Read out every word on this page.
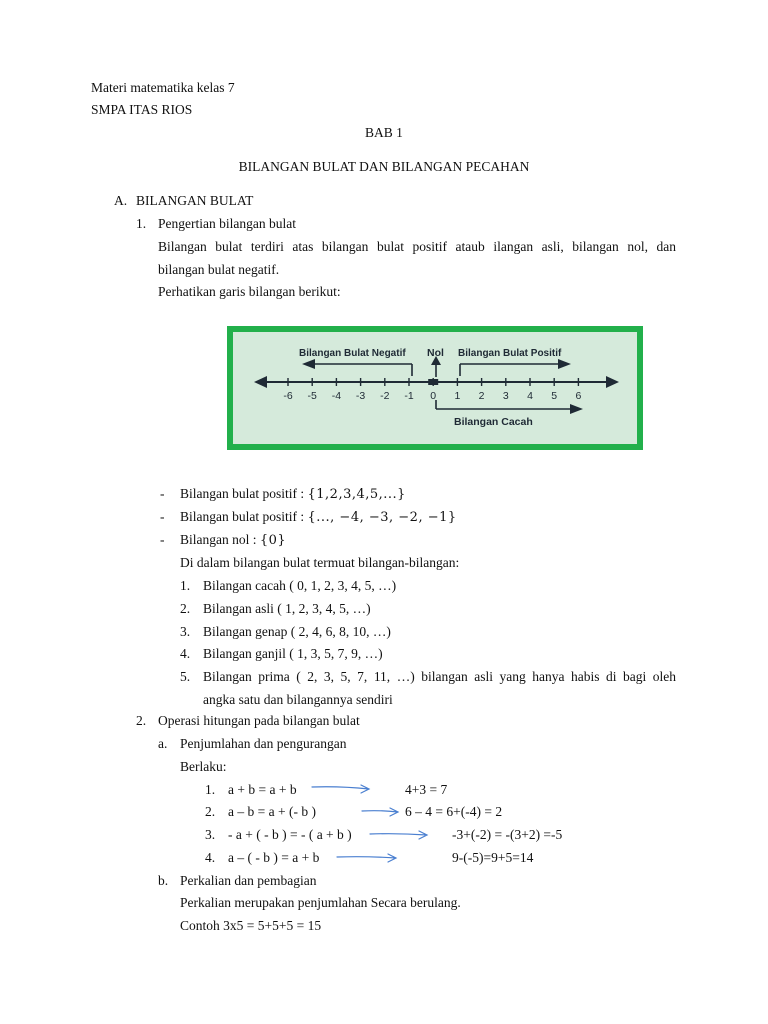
Materi matematika kelas 7
SMPA ITAS RIOS
BAB 1
BILANGAN BULAT DAN BILANGAN PECAHAN
A. BILANGAN BULAT
1. Pengertian bilangan bulat
Bilangan bulat terdiri atas bilangan bulat positif ataub ilangan asli, bilangan nol, dan
bilangan bulat negatif.
Perhatikan garis bilangan berikut:
-6 -5 -4 -3 -2 -1 0 1 2 3 4 5 6
Bilangan Bulat Negatif Nol Bilangan Bulat Positif
Bilangan Cacah
- Bilangan bulat positif : {1,2,3,4,5,...}
- Bilangan bulat positif : {..., −4, −3, −2, −1}
- Bilangan nol : {0}
Di dalam bilangan bulat termuat bilangan-bilangan:
1. Bilangan cacah ( 0, 1, 2, 3, 4, 5, …)
2. Bilangan asli ( 1, 2, 3, 4, 5, …)
3. Bilangan genap ( 2, 4, 6, 8, 10, …)
4. Bilangan ganjil ( 1, 3, 5, 7, 9, …)
5. Bilangan prima ( 2, 3, 5, 7, 11, …) bilangan asli yang hanya habis di bagi oleh
angka satu dan bilangannya sendiri
2. Operasi hitungan pada bilangan bulat
a. Penjumlahan dan pengurangan
Berlaku:
1. a + b = a + b	4+3 = 7
2. a – b = a + (- b )	6 – 4 = 6+(-4) = 2
3. - a + ( - b ) = - ( a + b )	-3+(-2) = -(3+2) =-5
4. a – ( - b ) = a + b	9-(-5)=9+5=14
b. Perkalian dan pembagian
Perkalian merupakan penjumlahan Secara berulang.
Contoh 3x5 = 5+5+5 = 15
